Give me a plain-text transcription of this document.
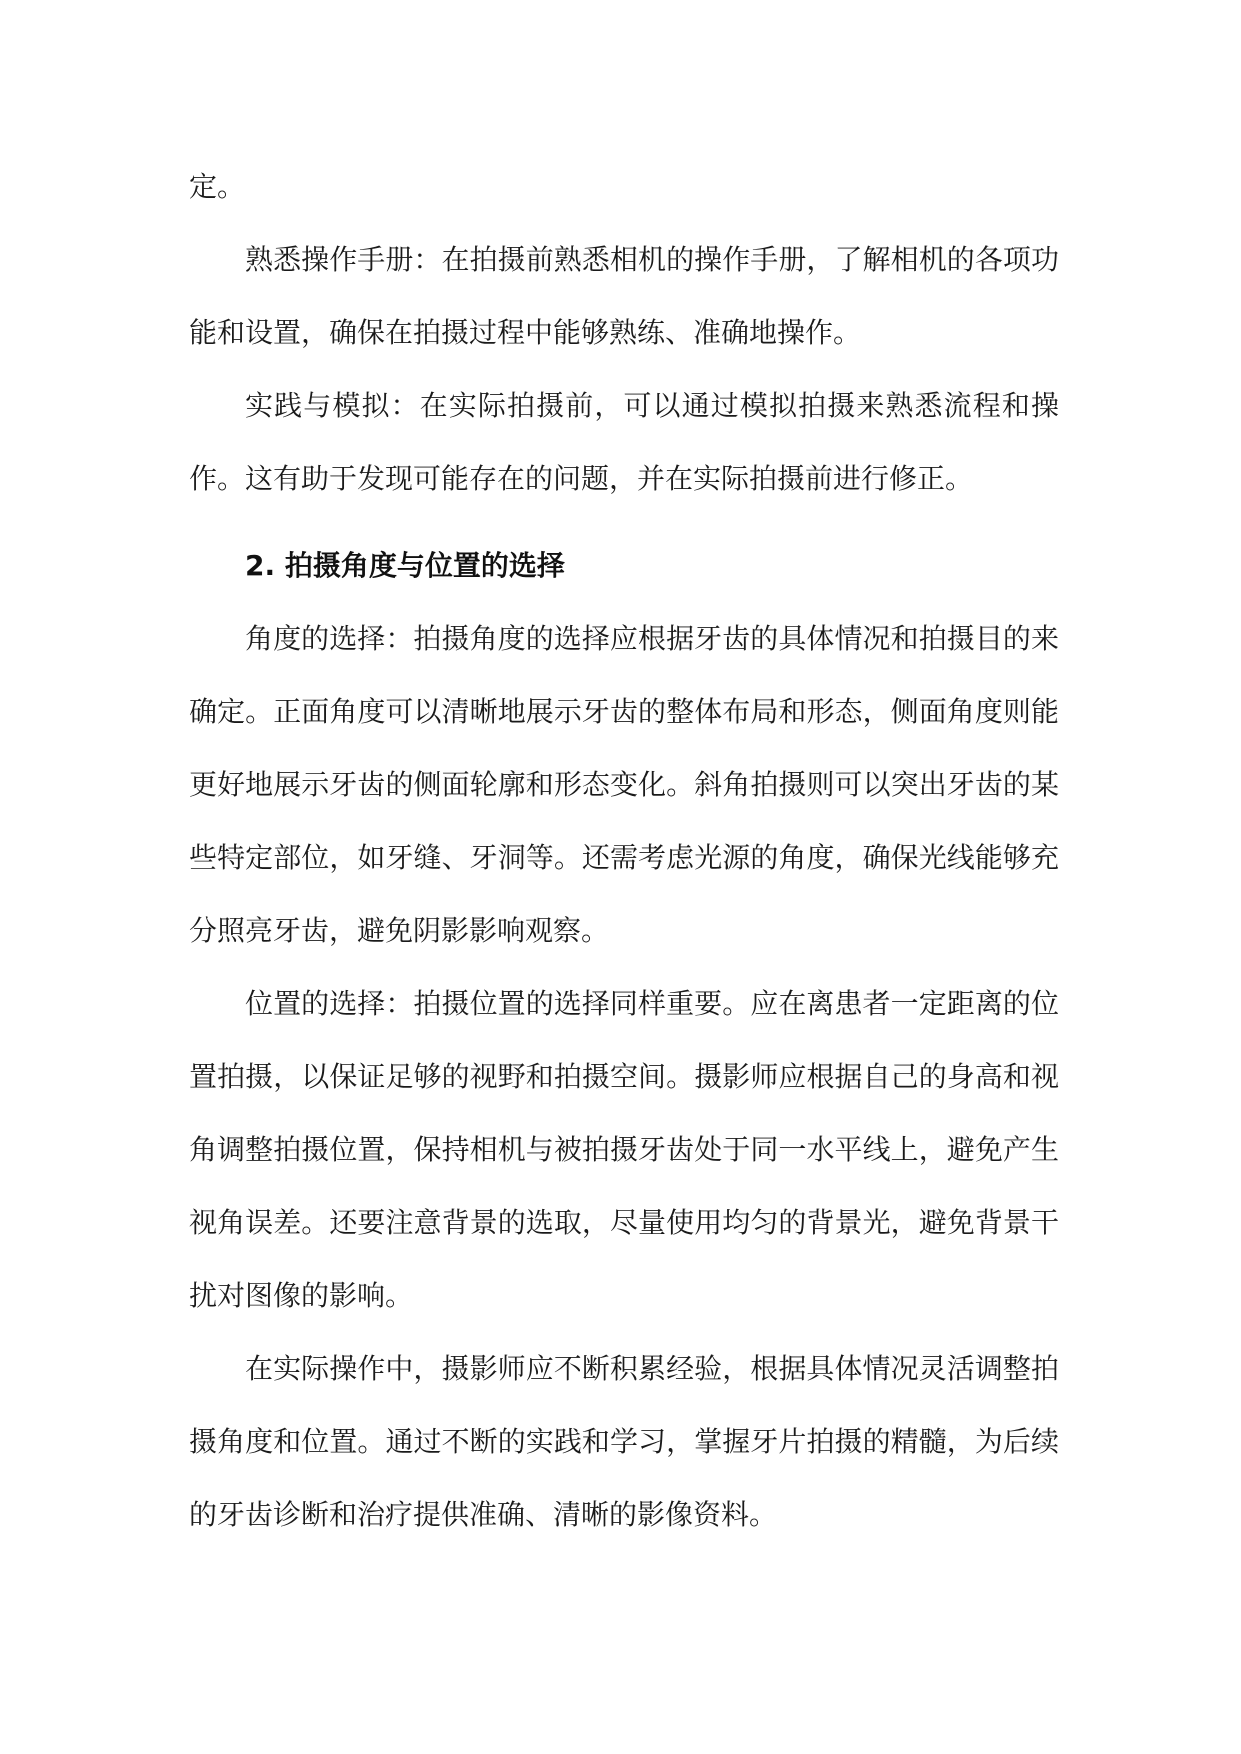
定。

熟悉操作手册：在拍摄前熟悉相机的操作手册，了解相机的各项功能和设置，确保在拍摄过程中能够熟练、准确地操作。

实践与模拟：在实际拍摄前，可以通过模拟拍摄来熟悉流程和操作。这有助于发现可能存在的问题，并在实际拍摄前进行修正。

2. 拍摄角度与位置的选择

角度的选择：拍摄角度的选择应根据牙齿的具体情况和拍摄目的来确定。正面角度可以清晰地展示牙齿的整体布局和形态，侧面角度则能更好地展示牙齿的侧面轮廓和形态变化。斜角拍摄则可以突出牙齿的某些特定部位，如牙缝、牙洞等。还需考虑光源的角度，确保光线能够充分照亮牙齿，避免阴影影响观察。

位置的选择：拍摄位置的选择同样重要。应在离患者一定距离的位置拍摄，以保证足够的视野和拍摄空间。摄影师应根据自己的身高和视角调整拍摄位置，保持相机与被拍摄牙齿处于同一水平线上，避免产生视角误差。还要注意背景的选取，尽量使用均匀的背景光，避免背景干扰对图像的影响。

在实际操作中，摄影师应不断积累经验，根据具体情况灵活调整拍摄角度和位置。通过不断的实践和学习，掌握牙片拍摄的精髓，为后续的牙齿诊断和治疗提供准确、清晰的影像资料。
